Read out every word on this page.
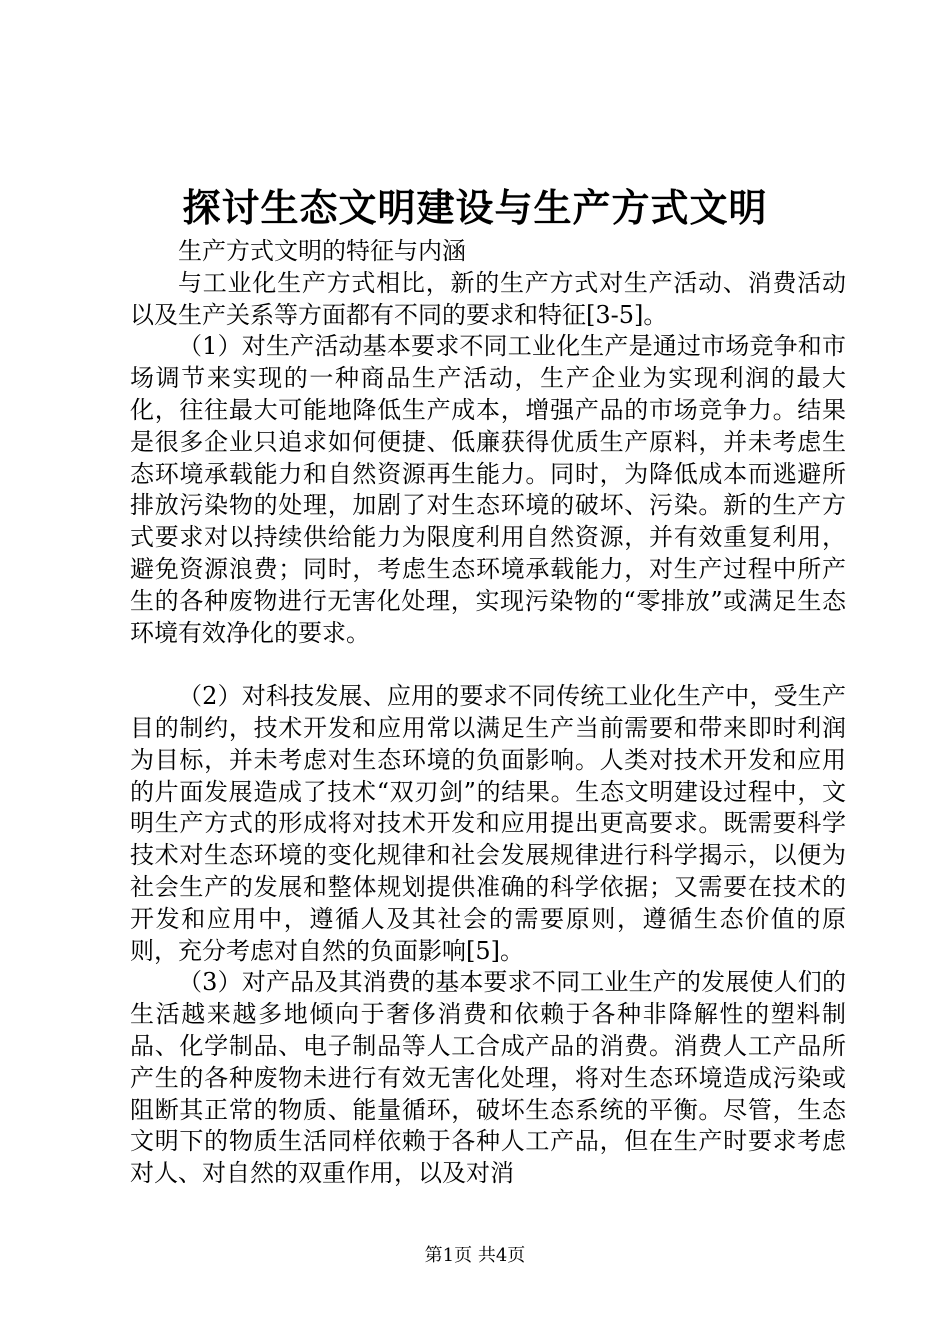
探讨生态文明建设与生产方式文明

生产方式文明的特征与内涵

与工业化生产方式相比，新的生产方式对生产活动、消费活动以及生产关系等方面都有不同的要求和特征[3-5]。

（1）对生产活动基本要求不同工业化生产是通过市场竞争和市场调节来实现的一种商品生产活动，生产企业为实现利润的最大化，往往最大可能地降低生产成本，增强产品的市场竞争力。结果是很多企业只追求如何便捷、低廉获得优质生产原料，并未考虑生态环境承载能力和自然资源再生能力。同时，为降低成本而逃避所排放污染物的处理，加剧了对生态环境的破坏、污染。新的生产方式要求对以持续供给能力为限度利用自然资源，并有效重复利用，避免资源浪费；同时，考虑生态环境承载能力，对生产过程中所产生的各种废物进行无害化处理，实现污染物的“零排放”或满足生态环境有效净化的要求。

（2）对科技发展、应用的要求不同传统工业化生产中，受生产目的制约，技术开发和应用常以满足生产当前需要和带来即时利润为目标，并未考虑对生态环境的负面影响。人类对技术开发和应用的片面发展造成了技术“双刃剑”的结果。生态文明建设过程中，文明生产方式的形成将对技术开发和应用提出更高要求。既需要科学技术对生态环境的变化规律和社会发展规律进行科学揭示，以便为社会生产的发展和整体规划提供准确的科学依据；又需要在技术的开发和应用中，遵循人及其社会的需要原则，遵循生态价值的原则，充分考虑对自然的负面影响[5]。

（3）对产品及其消费的基本要求不同工业生产的发展使人们的生活越来越多地倾向于奢侈消费和依赖于各种非降解性的塑料制品、化学制品、电子制品等人工合成产品的消费。消费人工产品所产生的各种废物未进行有效无害化处理，将对生态环境造成污染或阻断其正常的物质、能量循环，破坏生态系统的平衡。尽管，生态文明下的物质生活同样依赖于各种人工产品，但在生产时要求考虑对人、对自然的双重作用，以及对消

第1页 共4页
